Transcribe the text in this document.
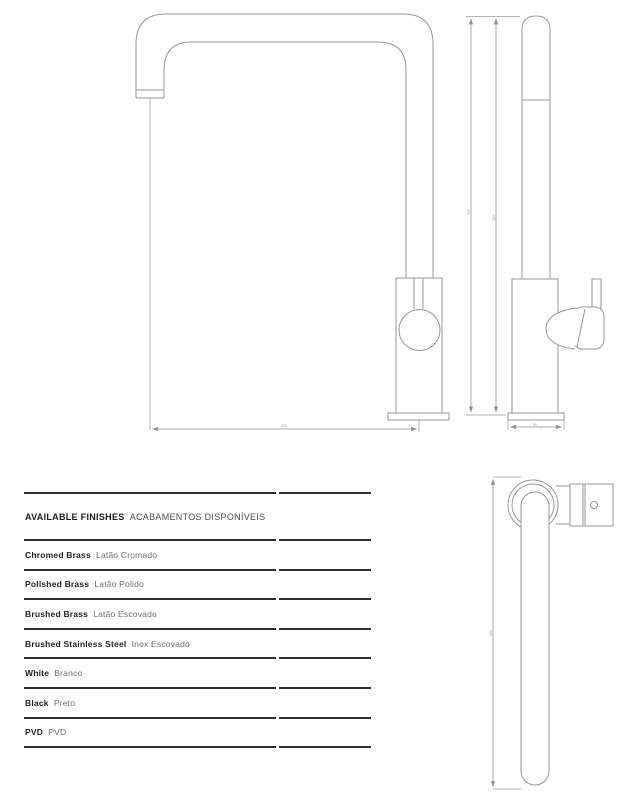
220
355
300
50
220
AVAILABLE FINISHES ACABAMENTOS DISPONÍVEIS
Chromed Brass Latão Cromado
Polished Brass Latão Polido
Brushed Brass Latão Escovado
Brushed Stainless Steel Inox Escovado
White Branco
Black Preto
PVD PVD
